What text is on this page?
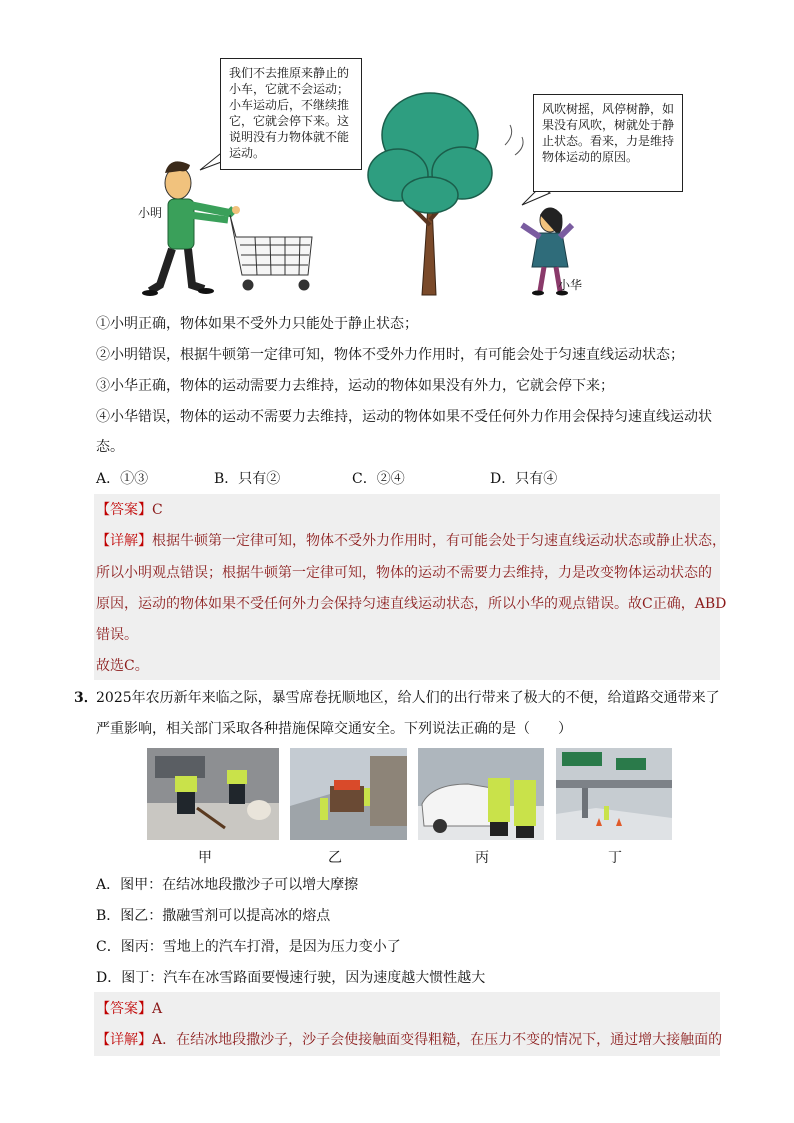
我们不去推原来静止的小车，它就不会运动；小车运动后，不继续推它，它就会停下来。这说明没有力物体就不能运动。
风吹树摇，风停树静，如果没有风吹，树就处于静止状态。看来，力是维持物体运动的原因。
小明
小华
①小明正确，物体如果不受外力只能处于静止状态；
②小明错误，根据牛顿第一定律可知，物体不受外力作用时，有可能会处于匀速直线运动状态；
③小华正确，物体的运动需要力去维持，运动的物体如果没有外力，它就会停下来；
④小华错误，物体的运动不需要力去维持，运动的物体如果不受任何外力作用会保持匀速直线运动状
态。
A．①③	B．只有②	C．②④	D．只有④
【答案】C
【详解】根据牛顿第一定律可知，物体不受外力作用时，有可能会处于匀速直线运动状态或静止状态，
所以小明观点错误；根据牛顿第一定律可知，物体的运动不需要力去维持，力是改变物体运动状态的
原因，运动的物体如果不受任何外力会保持匀速直线运动状态，所以小华的观点错误。故C正确，ABD
错误。
故选C。
3．
2025年农历新年来临之际，暴雪席卷抚顺地区，给人们的出行带来了极大的不便，给道路交通带来了
严重影响，相关部门采取各种措施保障交通安全。下列说法正确的是（　　）
甲	乙	丙	丁
A．图甲：在结冰地段撒沙子可以增大摩擦
B．图乙：撒融雪剂可以提高冰的熔点
C．图丙：雪地上的汽车打滑，是因为压力变小了
D．图丁：汽车在冰雪路面要慢速行驶，因为速度越大惯性越大
【答案】A
【详解】A．在结冰地段撒沙子，沙子会使接触面变得粗糙，在压力不变的情况下，通过增大接触面的
